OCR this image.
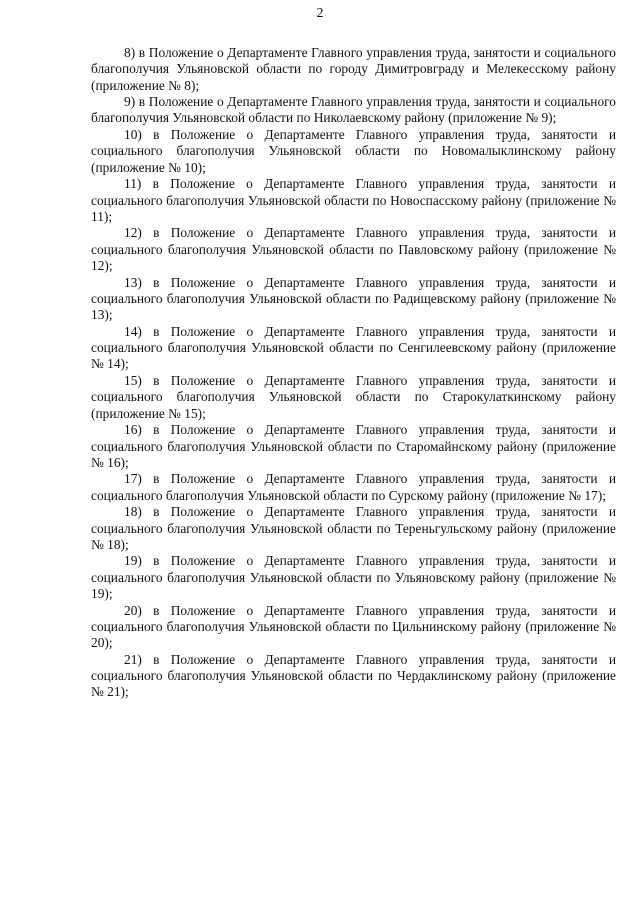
2

8) в Положение о Департаменте Главного управления труда, занятости и социального благополучия Ульяновской области по городу Димитровграду и Мелекесскому району (приложение № 8);

9) в Положение о Департаменте Главного управления труда, занятости и социального благополучия Ульяновской области по Николаевскому району (приложение № 9);

10) в Положение о Департаменте Главного управления труда, занятости и социального благополучия Ульяновской области по Новомалыклинскому району (приложение № 10);

11) в Положение о Департаменте Главного управления труда, занятости и социального благополучия Ульяновской области по Новоспасскому району (приложение № 11);

12) в Положение о Департаменте Главного управления труда, занятости и социального благополучия Ульяновской области по Павловскому району (приложение № 12);

13) в Положение о Департаменте Главного управления труда, занятости и социального благополучия Ульяновской области по Радищевскому району (приложение № 13);

14) в Положение о Департаменте Главного управления труда, занятости и социального благополучия Ульяновской области по Сенгилеевскому району (приложение № 14);

15) в Положение о Департаменте Главного управления труда, занятости и социального благополучия Ульяновской области по Старокулаткинскому району (приложение № 15);

16) в Положение о Департаменте Главного управления труда, занятости и социального благополучия Ульяновской области по Старомайнскому району (приложение № 16);

17) в Положение о Департаменте Главного управления труда, занятости и социального благополучия Ульяновской области по Сурскому району (приложение № 17);

18) в Положение о Департаменте Главного управления труда, занятости и социального благополучия Ульяновской области по Тереньгульскому району (приложение № 18);

19) в Положение о Департаменте Главного управления труда, занятости и социального благополучия Ульяновской области по Ульяновскому району (приложение № 19);

20) в Положение о Департаменте Главного управления труда, занятости и социального благополучия Ульяновской области по Цильнинскому району (приложение № 20);

21) в Положение о Департаменте Главного управления труда, занятости и социального благополучия Ульяновской области по Чердаклинскому району (приложение № 21);
